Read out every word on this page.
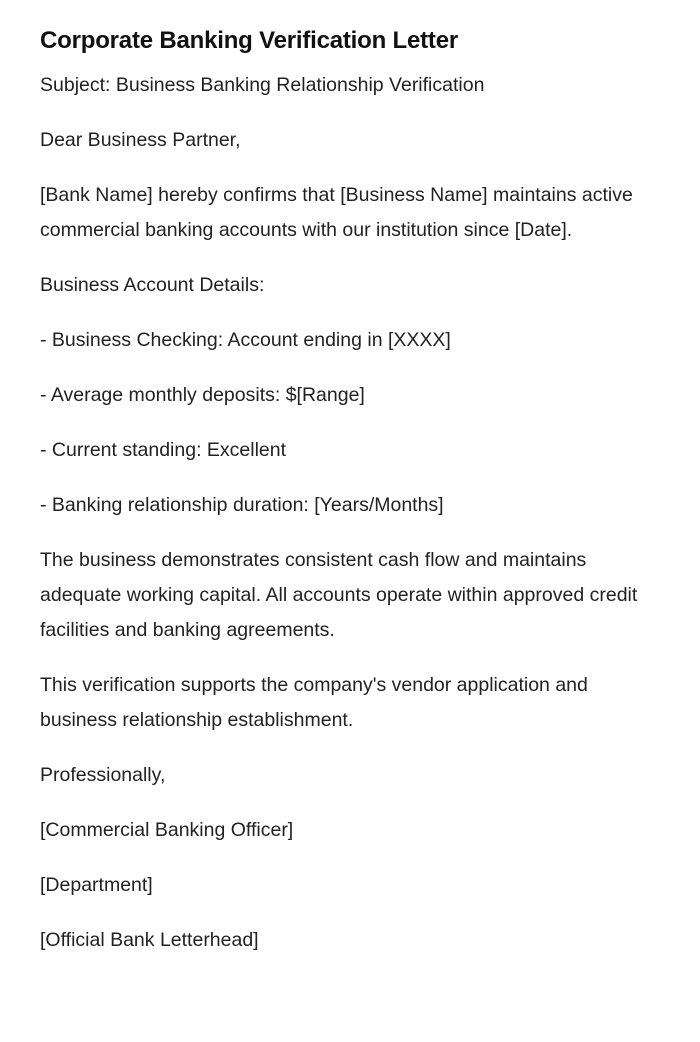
Corporate Banking Verification Letter

Subject: Business Banking Relationship Verification

Dear Business Partner,

[Bank Name] hereby confirms that [Business Name] maintains active commercial banking accounts with our institution since [Date].

Business Account Details:

- Business Checking: Account ending in [XXXX]

- Average monthly deposits: $[Range]

- Current standing: Excellent

- Banking relationship duration: [Years/Months]

The business demonstrates consistent cash flow and maintains adequate working capital. All accounts operate within approved credit facilities and banking agreements.

This verification supports the company's vendor application and business relationship establishment.

Professionally,

[Commercial Banking Officer]

[Department]

[Official Bank Letterhead]
